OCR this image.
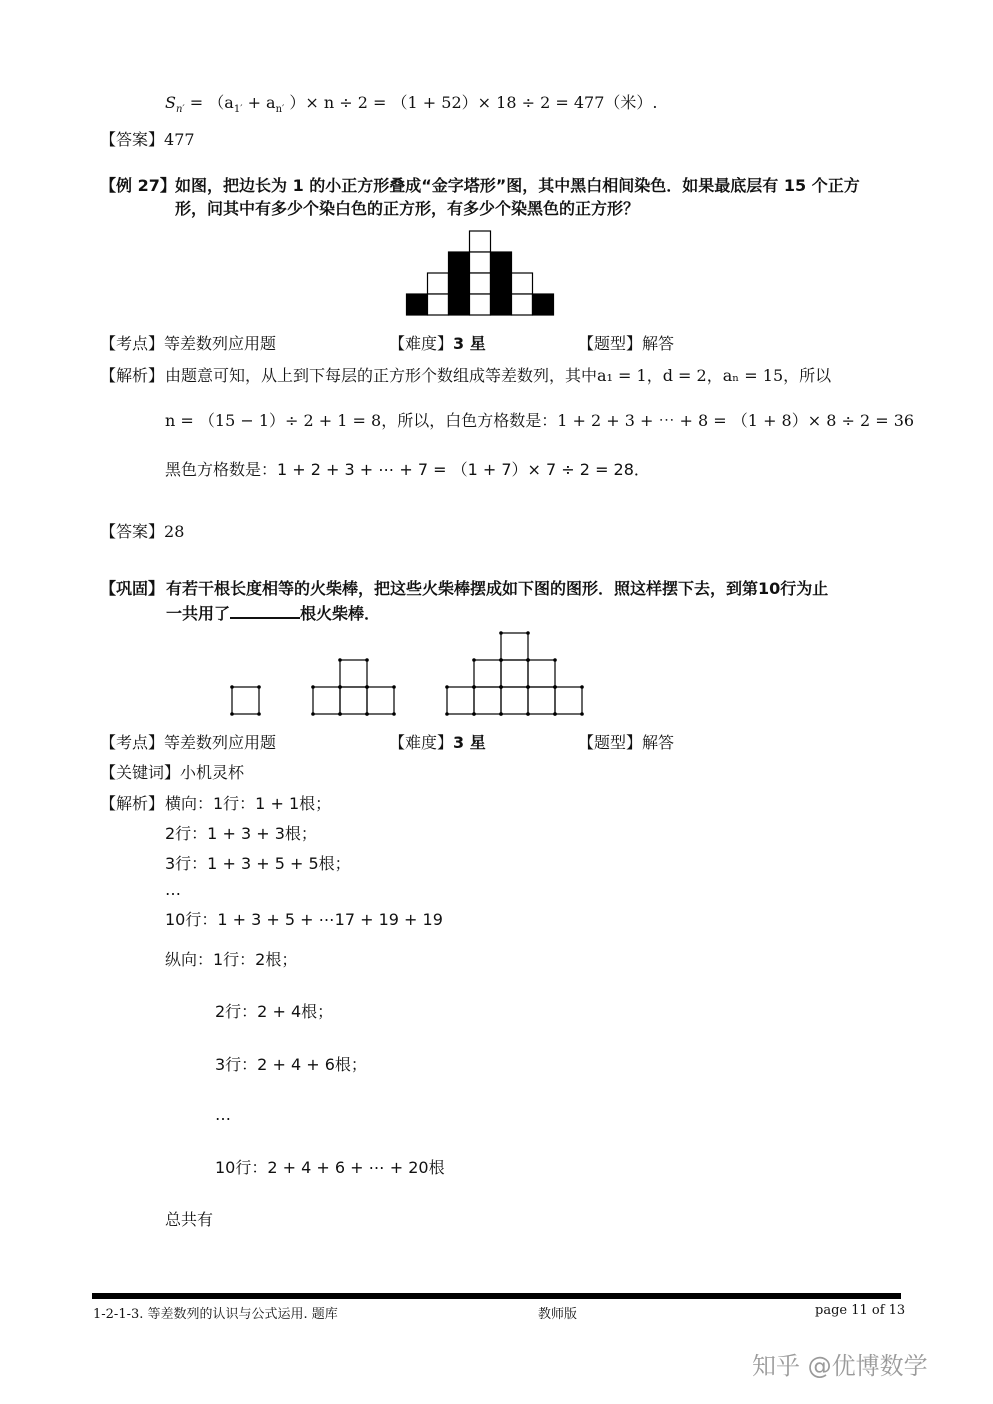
$S_{n'} = (a_{1'} + a_{n'}$ ）× n ÷ 2 = （1 + 52）× 18 ÷ 2 = 477（米）.
【答案】477
【例 27】 如图，把边长为 1 的小正方形叠成“金字塔形”图，其中黑白相间染色．如果最底层有 15 个正方
形，问其中有多少个染白色的正方形，有多少个染黑色的正方形？
【考点】等差数列应用题	【难度】3 星	【题型】解答
【解析】 由题意可知，从上到下每层的正方形个数组成等差数列，其中a₁ = 1，d = 2，aₙ = 15，所以
n = （15 − 1）÷ 2 + 1 = 8，所以，白色方格数是：1 + 2 + 3 + ⋯ + 8 = （1 + 8）× 8 ÷ 2 = 36
黑色方格数是：1 + 2 + 3 + ⋯ + 7 = （1 + 7）× 7 ÷ 2 = 28．
【答案】28
【巩固】 有若干根长度相等的火柴棒，把这些火柴棒摆成如下图的图形．照这样摆下去，到第10行为止
一共用了	根火柴棒．
【考点】等差数列应用题	【难度】3 星	【题型】解答
【关键词】小机灵杯
【解析】 横向：1行：1 + 1根；
2行：1 + 3 + 3根；
3行：1 + 3 + 5 + 5根；
…
10行：1 + 3 + 5 + ⋯17 + 19 + 19
纵向：1行：2根；
2行：2 + 4根；
3行：2 + 4 + 6根；
…
10行：2 + 4 + 6 + ⋯ + 20根
总共有
1-2-1-3. 等差数列的认识与公式运用. 题库	教师版	page 11 of 13
知乎 @优博数学
